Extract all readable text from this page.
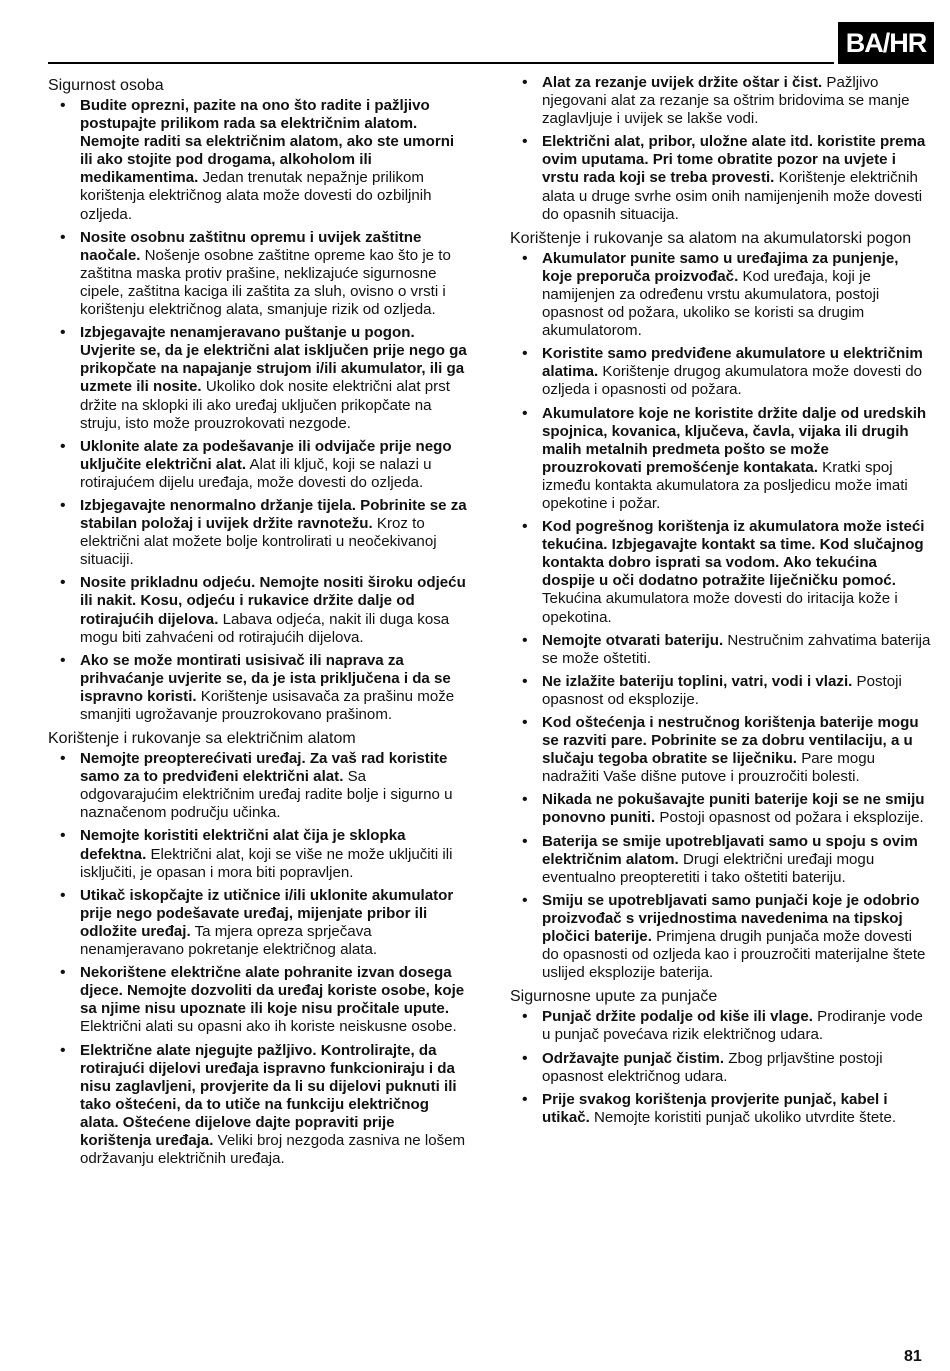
BA/HR
Sigurnost osoba
• Budite oprezni, pazite na ono što radite i pažljivo postupajte prilikom rada sa električnim alatom. Nemojte raditi sa električnim alatom, ako ste umorni ili ako stojite pod drogama, alkoholom ili medikamentima. Jedan trenutak nepažnje prilikom korištenja električnog alata može dovesti do ozbiljnih ozljeda.
• Nosite osobnu zaštitnu opremu i uvijek zaštitne naočale. Nošenje osobne zaštitne opreme kao što je to zaštitna maska protiv prašine, neklizajuće sigurnosne cipele, zaštitna kaciga ili zaštita za sluh, ovisno o vrsti i korištenju električnog alata, smanjuje rizik od ozljeda.
• Izbjegavajte nenamjeravano puštanje u pogon. Uvjerite se, da je električni alat isključen prije nego ga prikopčate na napajanje strujom i/ili akumulator, ili ga uzmete ili nosite. Ukoliko dok nosite električni alat prst držite na sklopki ili ako uređaj uključen prikopčate na struju, isto može prouzrokovati nezgode.
• Uklonite alate za podešavanje ili odvijače prije nego uključite električni alat. Alat ili ključ, koji se nalazi u rotirajućem dijelu uređaja, može dovesti do ozljeda.
• Izbjegavajte nenormalno držanje tijela. Pobrinite se za stabilan položaj i uvijek držite ravnotežu. Kroz to električni alat možete bolje kontrolirati u neočekivanoj situaciji.
• Nosite prikladnu odjeću. Nemojte nositi široku odjeću ili nakit. Kosu, odjeću i rukavice držite dalje od rotirajućih dijelova. Labava odjeća, nakit ili duga kosa mogu biti zahvaćeni od rotirajućih dijelova.
• Ako se može montirati usisivač ili naprava za prihvaćanje uvjerite se, da je ista priključena i da se ispravno koristi. Korištenje usisavača za prašinu može smanjiti ugrožavanje prouzrokovano prašinom.
Korištenje i rukovanje sa električnim alatom
• Nemojte preopterećivati uređaj. Za vaš rad koristite samo za to predviđeni električni alat. Sa odgovarajućim električnim uređaj radite bolje i sigurno u naznačenom području učinka.
• Nemojte koristiti električni alat čija je sklopka defektna. Električni alat, koji se više ne može uključiti ili isključiti, je opasan i mora biti popravljen.
• Utikač iskopčajte iz utičnice i/ili uklonite akumulator prije nego podešavate uređaj, mijenjate pribor ili odložite uređaj. Ta mjera opreza sprječava nenamjeravano pokretanje električnog alata.
• Nekorištene električne alate pohranite izvan dosega djece. Nemojte dozvoliti da uređaj koriste osobe, koje sa njime nisu upoznate ili koje nisu pročitale upute. Električni alati su opasni ako ih koriste neiskusne osobe.
• Električne alate njegujte pažljivo. Kontrolirajte, da rotirajući dijelovi uređaja ispravno funkcioniraju i da nisu zaglavljeni, provjerite da li su dijelovi puknuti ili tako oštećeni, da to utiče na funkciju električnog alata. Oštećene dijelove dajte popraviti prije korištenja uređaja. Veliki broj nezgoda zasniva ne lošem održavanju električnih uređaja.
• Alat za rezanje uvijek držite oštar i čist. Pažljivo njegovani alat za rezanje sa oštrim bridovima se manje zaglavljuje i uvijek se lakše vodi.
• Električni alat, pribor, uložne alate itd. koristite prema ovim uputama. Pri tome obratite pozor na uvjete i vrstu rada koji se treba provesti. Korištenje električnih alata u druge svrhe osim onih namijenjenih može dovesti do opasnih situacija.
Korištenje i rukovanje sa alatom na akumulatorski pogon
• Akumulator punite samo u uređajima za punjenje, koje preporuča proizvođač. Kod uređaja, koji je namijenjen za određenu vrstu akumulatora, postoji opasnost od požara, ukoliko se koristi sa drugim akumulatorom.
• Koristite samo predviđene akumulatore u električnim alatima. Korištenje drugog akumulatora može dovesti do ozljeda i opasnosti od požara.
• Akumulatore koje ne koristite držite dalje od uredskih spojnica, kovanica, ključeva, čavla, vijaka ili drugih malih metalnih predmeta pošto se može prouzrokovati premošćenje kontakata. Kratki spoj između kontakta akumulatora za posljedicu može imati opekotine i požar.
• Kod pogrešnog korištenja iz akumulatora može isteći tekućina. Izbjegavajte kontakt sa time. Kod slučajnog kontakta dobro isprati sa vodom. Ako tekućina dospije u oči dodatno potražite liječničku pomoć. Tekućina akumulatora može dovesti do iritacija kože i opekotina.
• Nemojte otvarati bateriju. Nestručnim zahvatima baterija se može oštetiti.
• Ne izlažite bateriju toplini, vatri, vodi i vlazi. Postoji opasnost od eksplozije.
• Kod oštećenja i nestručnog korištenja baterije mogu se razviti pare. Pobrinite se za dobru ventilaciju, a u slučaju tegoba obratite se liječniku. Pare mogu nadražiti Vaše dišne putove i prouzročiti bolesti.
• Nikada ne pokušavajte puniti baterije koji se ne smiju ponovno puniti. Postoji opasnost od požara i eksplozije.
• Baterija se smije upotrebljavati samo u spoju s ovim električnim alatom. Drugi električni uređaji mogu eventualno preopteretiti i tako oštetiti bateriju.
• Smiju se upotrebljavati samo punjači koje je odobrio proizvođač s vrijednostima navedenima na tipskoj pločici baterije. Primjena drugih punjača može dovesti do opasnosti od ozljeda kao i prouzročiti materijalne štete uslijed eksplozije baterija.
Sigurnosne upute za punjače
• Punjač držite podalje od kiše ili vlage. Prodiranje vode u punjač povećava rizik električnog udara.
• Održavajte punjač čistim. Zbog prljavštine postoji opasnost električnog udara.
• Prije svakog korištenja provjerite punjač, kabel i utikač. Nemojte koristiti punjač ukoliko utvrdite štete.
81
